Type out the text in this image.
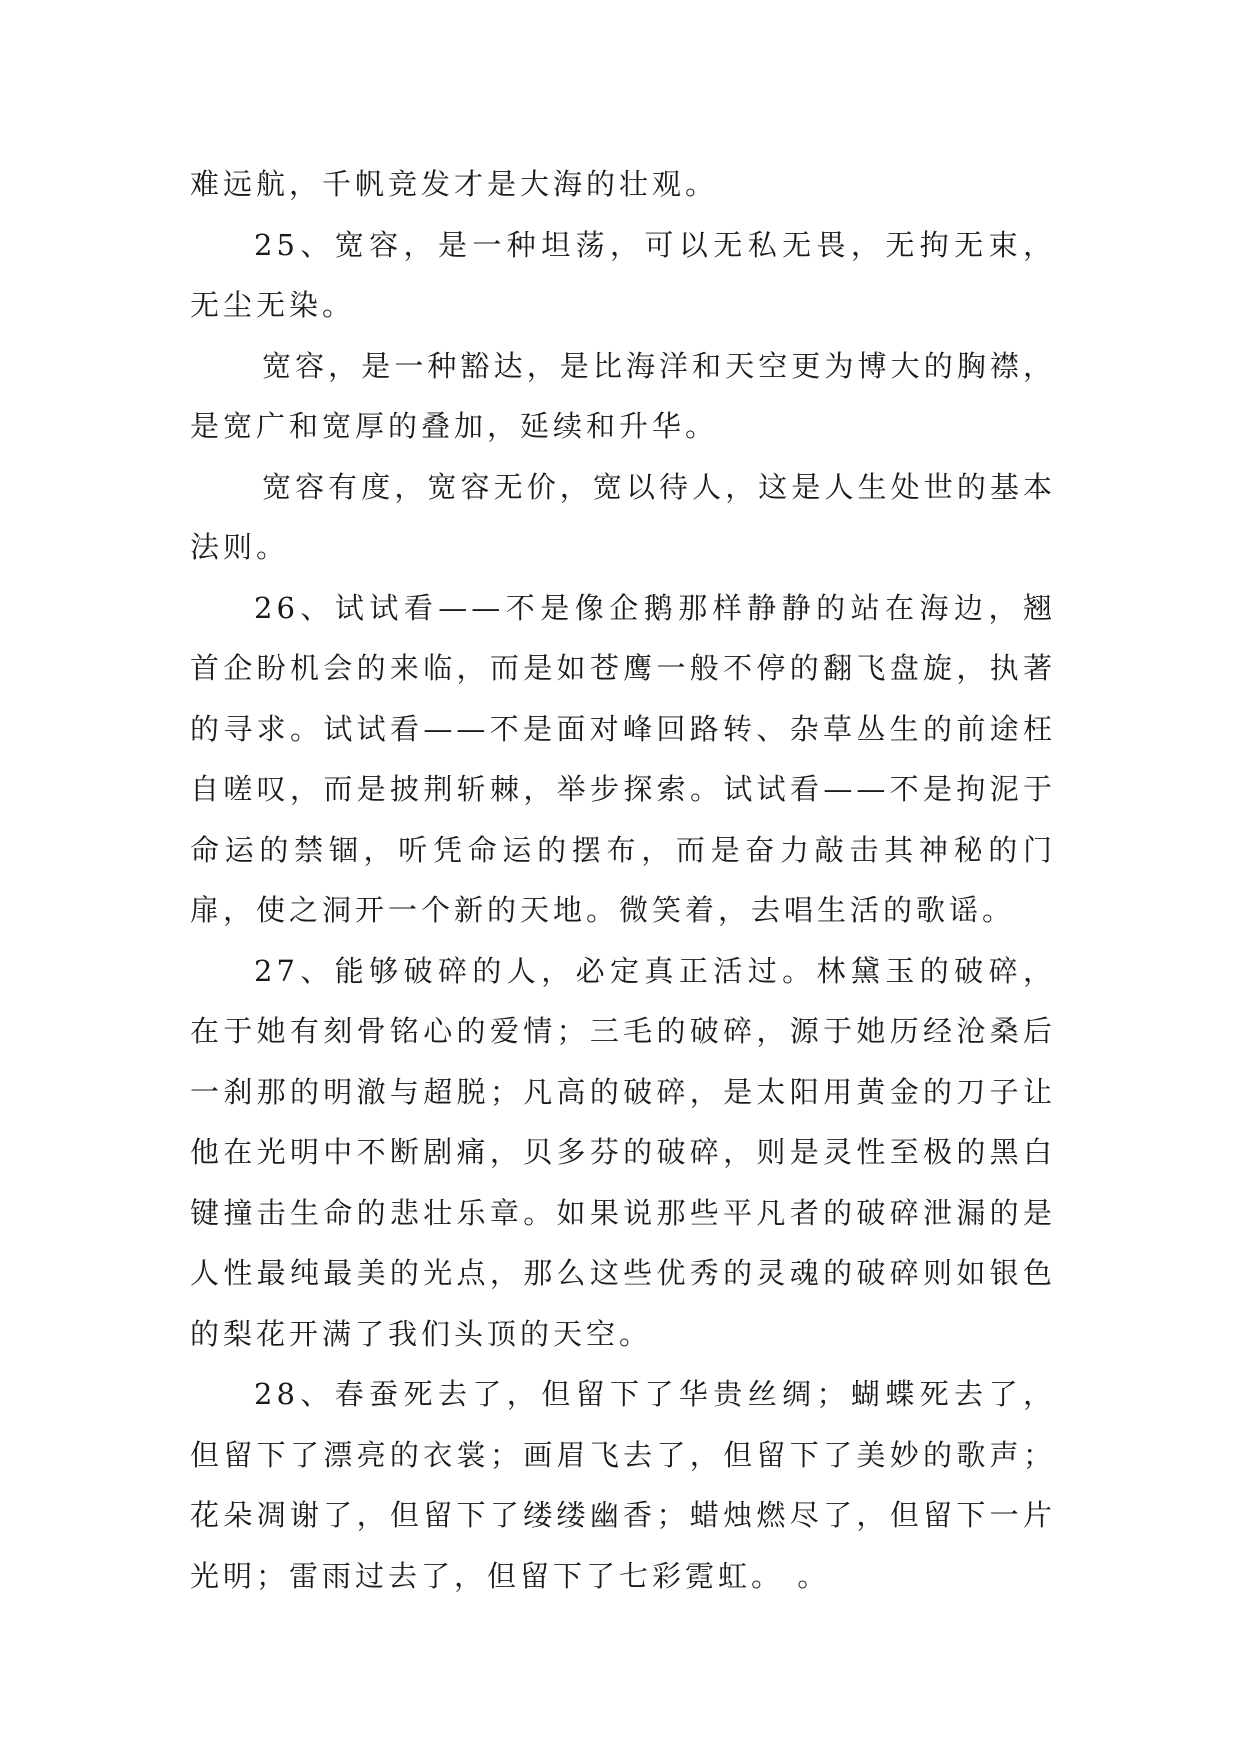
难远航，千帆竞发才是大海的壮观。

25、宽容，是一种坦荡，可以无私无畏，无拘无束，无尘无染。

宽容，是一种豁达，是比海洋和天空更为博大的胸襟，是宽广和宽厚的叠加，延续和升华。

宽容有度，宽容无价，宽以待人，这是人生处世的基本法则。

26、试试看——不是像企鹅那样静静的站在海边，翘首企盼机会的来临，而是如苍鹰一般不停的翻飞盘旋，执著的寻求。试试看——不是面对峰回路转、杂草丛生的前途枉自嗟叹，而是披荆斩棘，举步探索。试试看——不是拘泥于命运的禁锢，听凭命运的摆布，而是奋力敲击其神秘的门扉，使之洞开一个新的天地。微笑着，去唱生活的歌谣。

27、能够破碎的人，必定真正活过。林黛玉的破碎，在于她有刻骨铭心的爱情；三毛的破碎，源于她历经沧桑后一刹那的明澈与超脱；凡高的破碎，是太阳用黄金的刀子让他在光明中不断剧痛，贝多芬的破碎，则是灵性至极的黑白键撞击生命的悲壮乐章。如果说那些平凡者的破碎泄漏的是人性最纯最美的光点，那么这些优秀的灵魂的破碎则如银色的梨花开满了我们头顶的天空。

28、春蚕死去了，但留下了华贵丝绸；蝴蝶死去了，但留下了漂亮的衣裳；画眉飞去了，但留下了美妙的歌声；花朵凋谢了，但留下了缕缕幽香；蜡烛燃尽了，但留下一片光明；雷雨过去了，但留下了七彩霓虹。 。
